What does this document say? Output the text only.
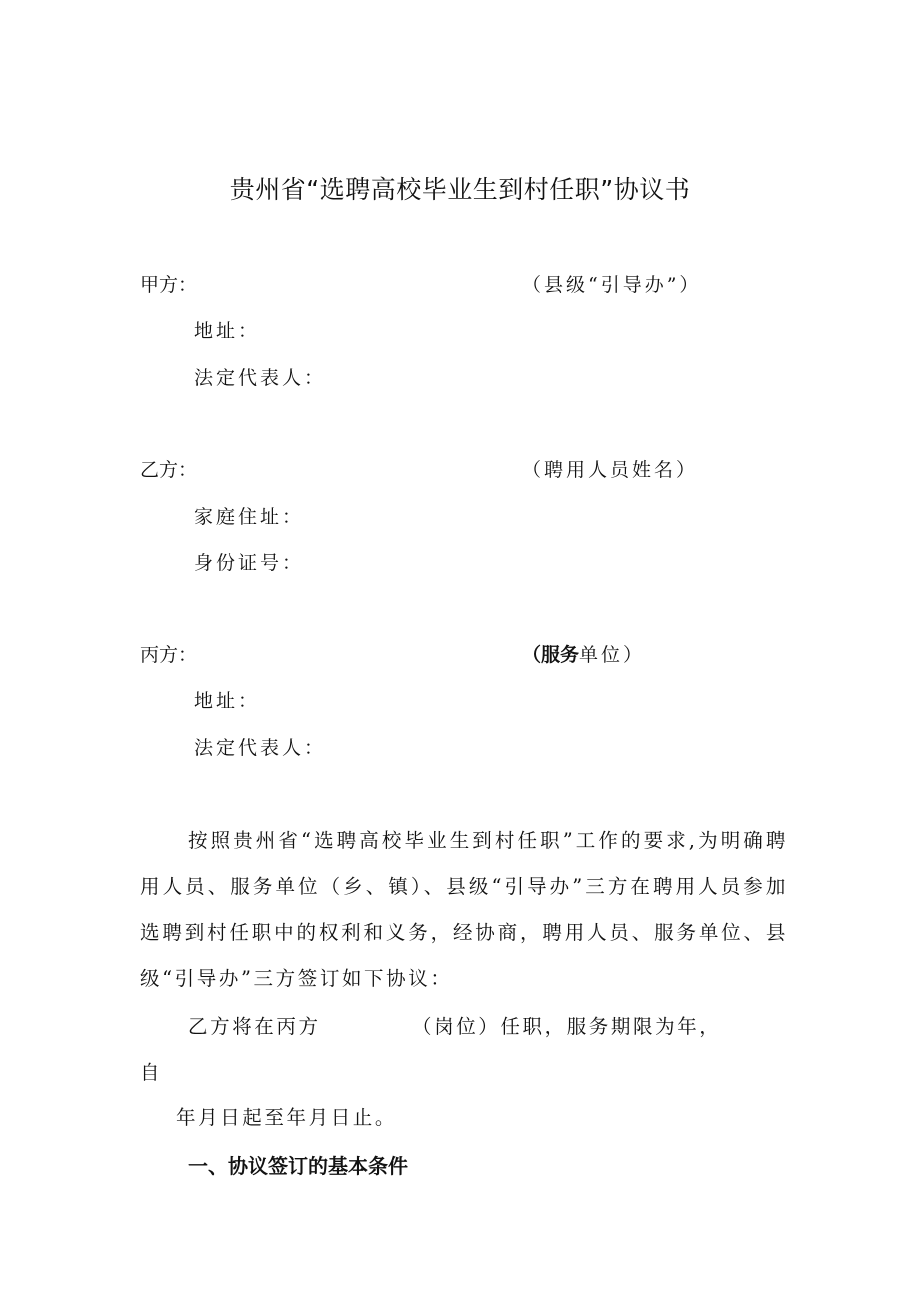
贵州省“选聘高校毕业生到村任职”协议书
甲方：	（县级“引导办”）
地址：
法定代表人：
乙方：	（聘用人员姓名）
家庭住址：
身份证号：
丙方：	（服务单位）
地址：
法定代表人：
按照贵州省“选聘高校毕业生到村任职”工作的要求,为明确聘用人员、服务单位（乡、镇）、县级“引导办”三方在聘用人员参加选聘到村任职中的权利和义务，经协商，聘用人员、服务单位、县级“引导办”三方签订如下协议：
乙方将在丙方	（岗位）任职，服务期限为年，
自
年月日起至年月日止。
一、协议签订的基本条件
